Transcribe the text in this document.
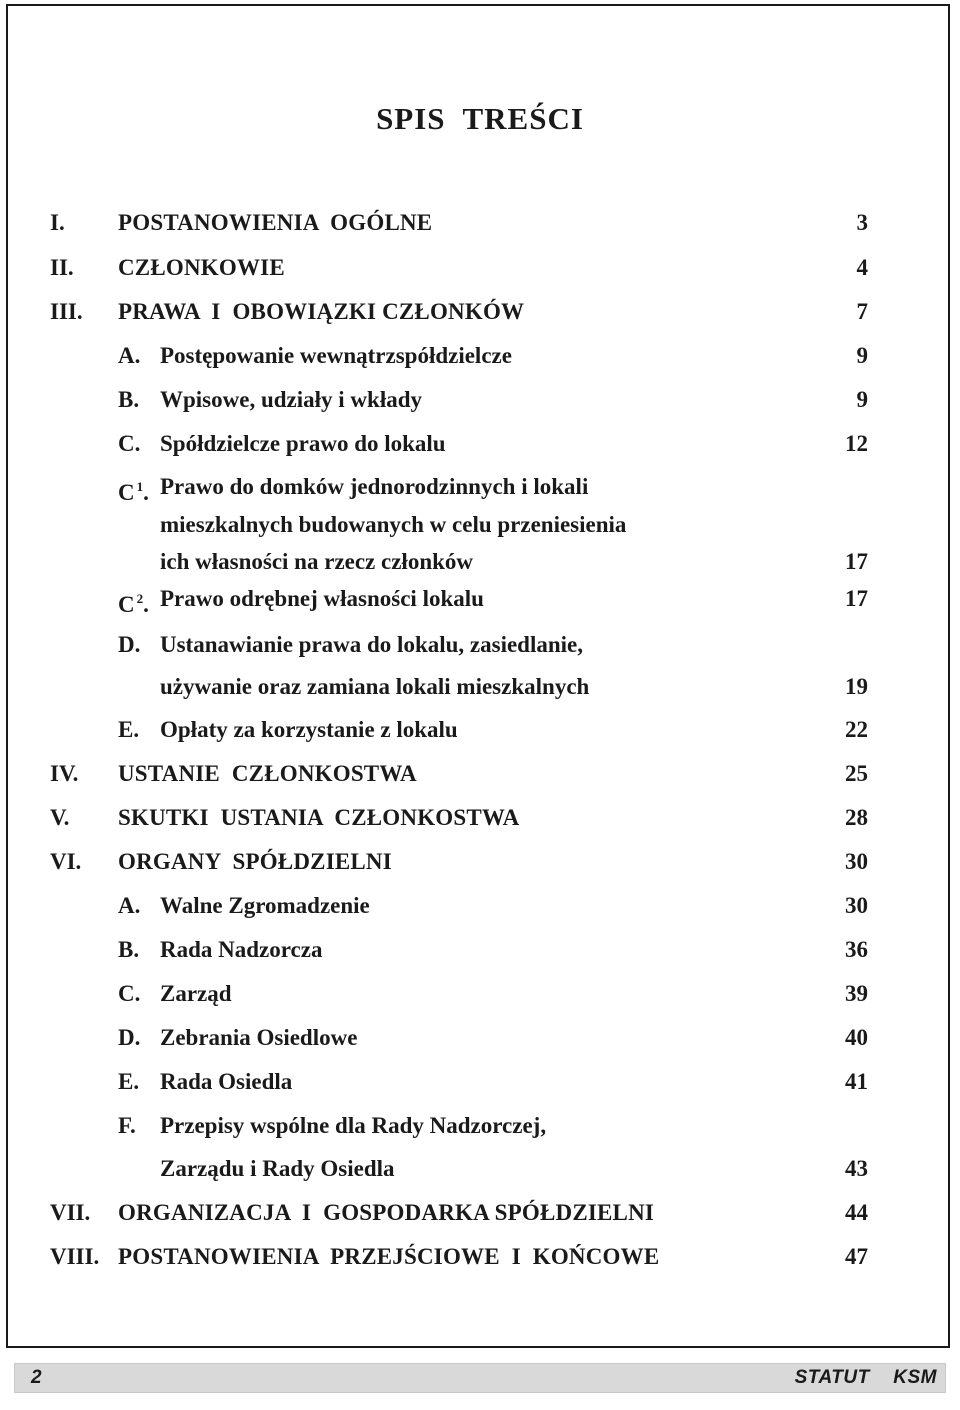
SPIS  TREŚCI
I. POSTANOWIENIA  OGÓLNE	3
II. CZŁONKOWIE	4
III. PRAWA  I  OBOWIĄZKI CZŁONKÓW	7
A. Postępowanie wewnątrzspółdzielcze	9
B. Wpisowe, udziały i wkłady	9
C. Spółdzielcze prawo do lokalu	12
C $^1$. Prawo do domków jednorodzinnych i lokali
mieszkalnych budowanych w celu przeniesienia
ich własności na rzecz członków	17
C $^2$. Prawo odrębnej własności lokalu	17
D. Ustanawianie prawa do lokalu, zasiedlanie,
używanie oraz zamiana lokali mieszkalnych	19
E. Opłaty za korzystanie z lokalu	22
IV. USTANIE  CZŁONKOSTWA	25
V. SKUTKI  USTANIA  CZŁONKOSTWA	28
VI. ORGANY  SPÓŁDZIELNI	30
A. Walne Zgromadzenie	30
B. Rada Nadzorcza	36
C. Zarząd	39
D. Zebrania Osiedlowe	40
E. Rada Osiedla	41
F. Przepisy wspólne dla Rady Nadzorczej,
Zarządu i Rady Osiedla	43
VII. ORGANIZACJA  I  GOSPODARKA SPÓŁDZIELNI	44
VIII. POSTANOWIENIA  PRZEJŚCIOWE  I  KOŃCOWE	47
2	STATUT  KSM
